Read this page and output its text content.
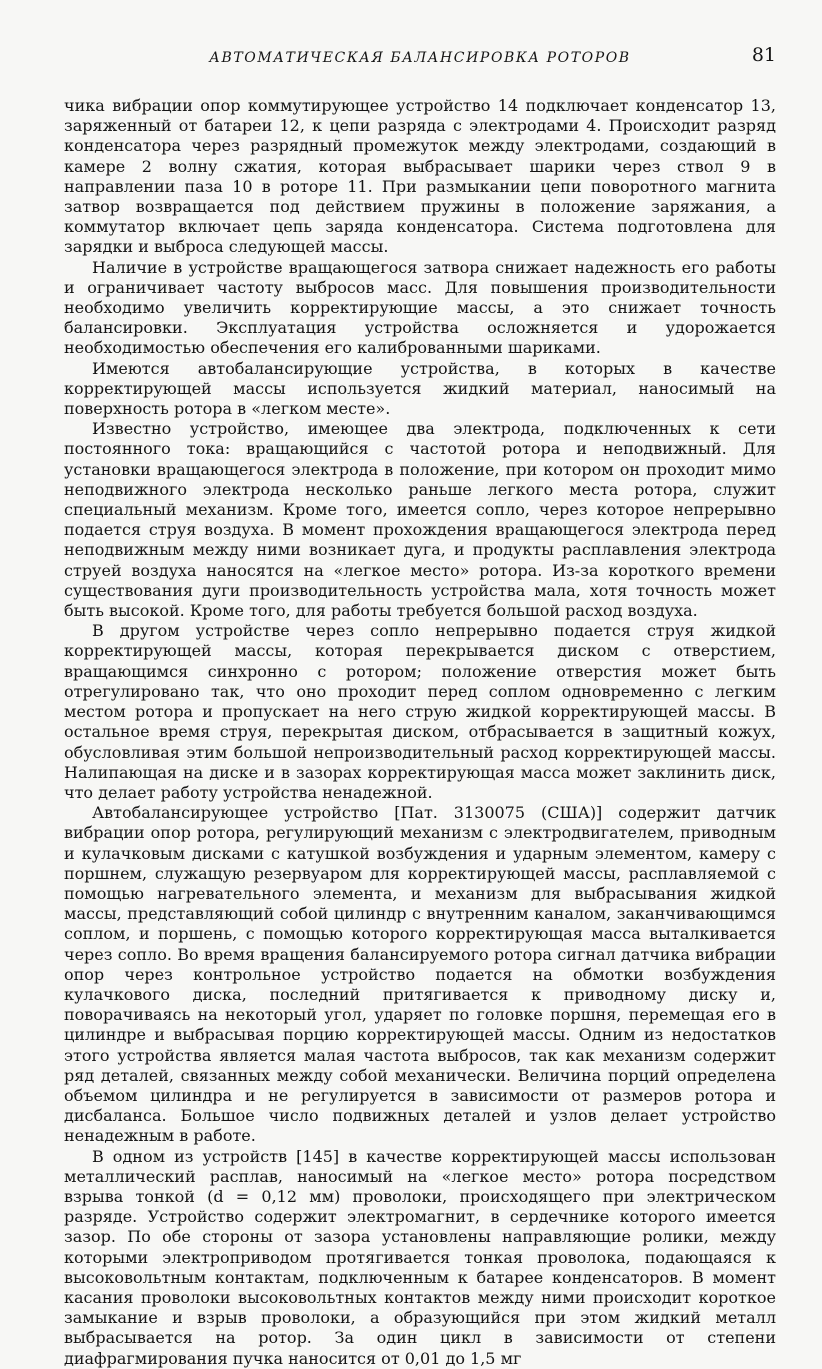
АВТОМАТИЧЕСКАЯ БАЛАНСИРОВКА РОТОРОВ	81

чика вибрации опор коммутирующее устройство 14 подключает конденсатор 13, заряженный от батареи 12, к цепи разряда с электродами 4. Происходит разряд конденсатора через разрядный промежуток между электродами, создающий в камере 2 волну сжатия, которая выбрасывает шарики через ствол 9 в направлении паза 10 в роторе 11. При размыкании цепи поворотного магнита затвор возвращается под действием пружины в положение заряжания, а коммутатор включает цепь заряда конденсатора. Система подготовлена для зарядки и выброса следующей массы.

Наличие в устройстве вращающегося затвора снижает надежность его работы и ограничивает частоту выбросов масс. Для повышения производительности необходимо увеличить корректирующие массы, а это снижает точность балансировки. Эксплуатация устройства осложняется и удорожается необходимостью обеспечения его калиброванными шариками.

Имеются автобалансирующие устройства, в которых в качестве корректирующей массы используется жидкий материал, наносимый на поверхность ротора в «легком месте».

Известно устройство, имеющее два электрода, подключенных к сети постоянного тока: вращающийся с частотой ротора и неподвижный. Для установки вращающегося электрода в положение, при котором он проходит мимо неподвижного электрода несколько раньше легкого места ротора, служит специальный механизм. Кроме того, имеется сопло, через которое непрерывно подается струя воздуха. В момент прохождения вращающегося электрода перед неподвижным между ними возникает дуга, и продукты расплавления электрода струей воздуха наносятся на «легкое место» ротора. Из-за короткого времени существования дуги производительность устройства мала, хотя точность может быть высокой. Кроме того, для работы требуется большой расход воздуха.

В другом устройстве через сопло непрерывно подается струя жидкой корректирующей массы, которая перекрывается диском с отверстием, вращающимся синхронно с ротором; положение отверстия может быть отрегулировано так, что оно проходит перед соплом одновременно с легким местом ротора и пропускает на него струю жидкой корректирующей массы. В остальное время струя, перекрытая диском, отбрасывается в защитный кожух, обусловливая этим большой непроизводительный расход корректирующей массы. Налипающая на диске и в зазорах корректирующая масса может заклинить диск, что делает работу устройства ненадежной.

Автобалансирующее устройство [Пат. 3130075 (США)] содержит датчик вибрации опор ротора, регулирующий механизм с электродвигателем, приводным и кулачковым дисками с катушкой возбуждения и ударным элементом, камеру с поршнем, служащую резервуаром для корректирующей массы, расплавляемой с помощью нагревательного элемента, и механизм для выбрасывания жидкой массы, представляющий собой цилиндр с внутренним каналом, заканчивающимся соплом, и поршень, с помощью которого корректирующая масса выталкивается через сопло. Во время вращения балансируемого ротора сигнал датчика вибрации опор через контрольное устройство подается на обмотки возбуждения кулачкового диска, последний притягивается к приводному диску и, поворачиваясь на некоторый угол, ударяет по головке поршня, перемещая его в цилиндре и выбрасывая порцию корректирующей массы. Одним из недостатков этого устройства является малая частота выбросов, так как механизм содержит ряд деталей, связанных между собой механически. Величина порций определена объемом цилиндра и не регулируется в зависимости от размеров ротора и дисбаланса. Большое число подвижных деталей и узлов делает устройство ненадежным в работе.

В одном из устройств [145] в качестве корректирующей массы использован металлический расплав, наносимый на «легкое место» ротора посредством взрыва тонкой (d = 0,12 мм) проволоки, происходящего при электрическом разряде. Устройство содержит электромагнит, в сердечнике которого имеется зазор. По обе стороны от зазора установлены направляющие ролики, между которыми электроприводом протягивается тонкая проволока, подающаяся к высоковольтным контактам, подключенным к батарее конденсаторов. В момент касания проволоки высоковольтных контактов между ними происходит короткое замыкание и взрыв проволоки, а образующийся при этом жидкий металл выбрасывается на ротор. За один цикл в зависимости от степени диафрагмирования пучка наносится от 0,01 до 1,5 мг
